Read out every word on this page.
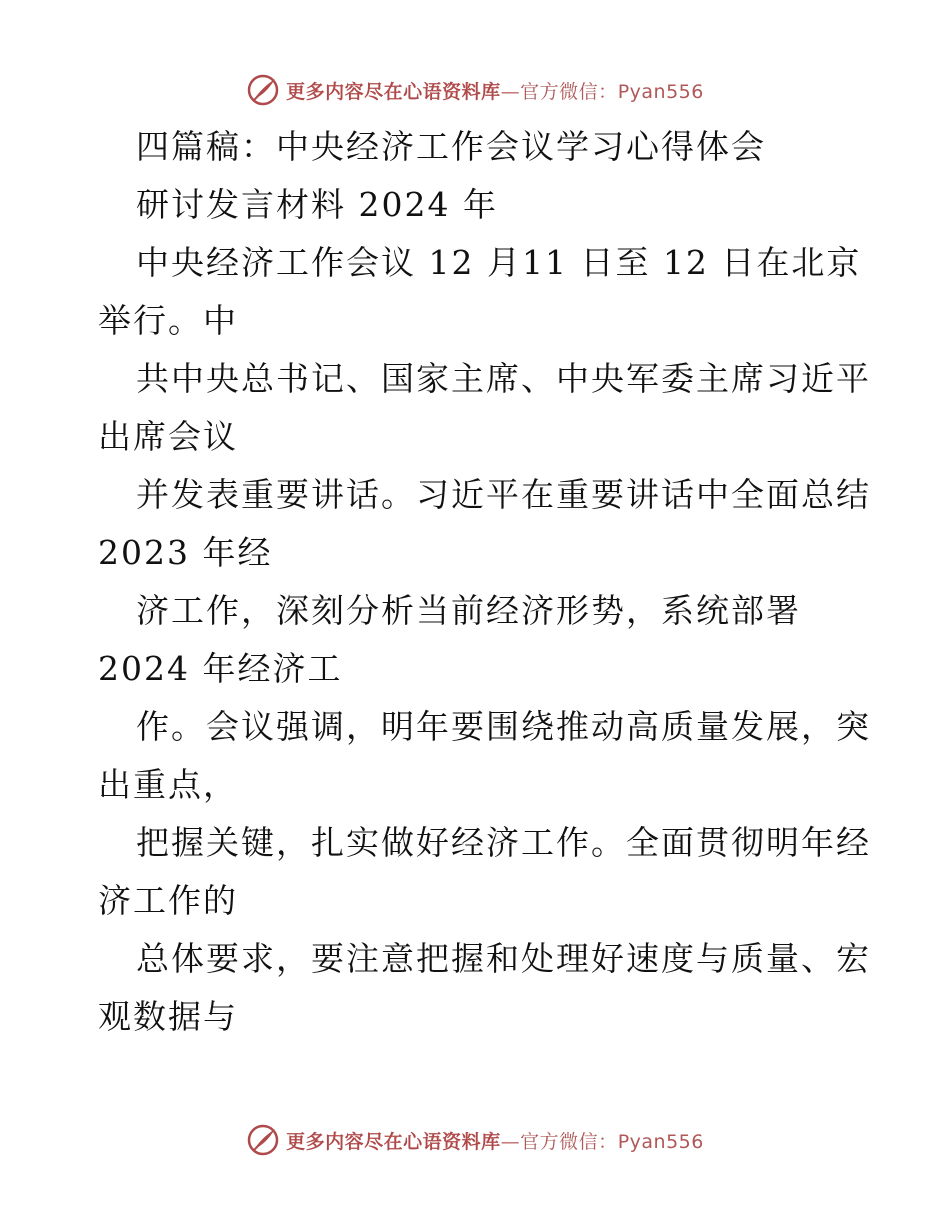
更多内容尽在心语资料库—官方微信：Pyan556
四篇稿：中央经济工作会议学习心得体会
研讨发言材料 2024 年
中央经济工作会议 12 月11 日至 12 日在北京
举行。中
共中央总书记、国家主席、中央军委主席习近平
出席会议
并发表重要讲话。习近平在重要讲话中全面总结
2023 年经
济工作，深刻分析当前经济形势，系统部署
2024 年经济工
作。会议强调，明年要围绕推动高质量发展，突
出重点，
把握关键，扎实做好经济工作。全面贯彻明年经
济工作的
总体要求，要注意把握和处理好速度与质量、宏
观数据与
更多内容尽在心语资料库—官方微信：Pyan556
